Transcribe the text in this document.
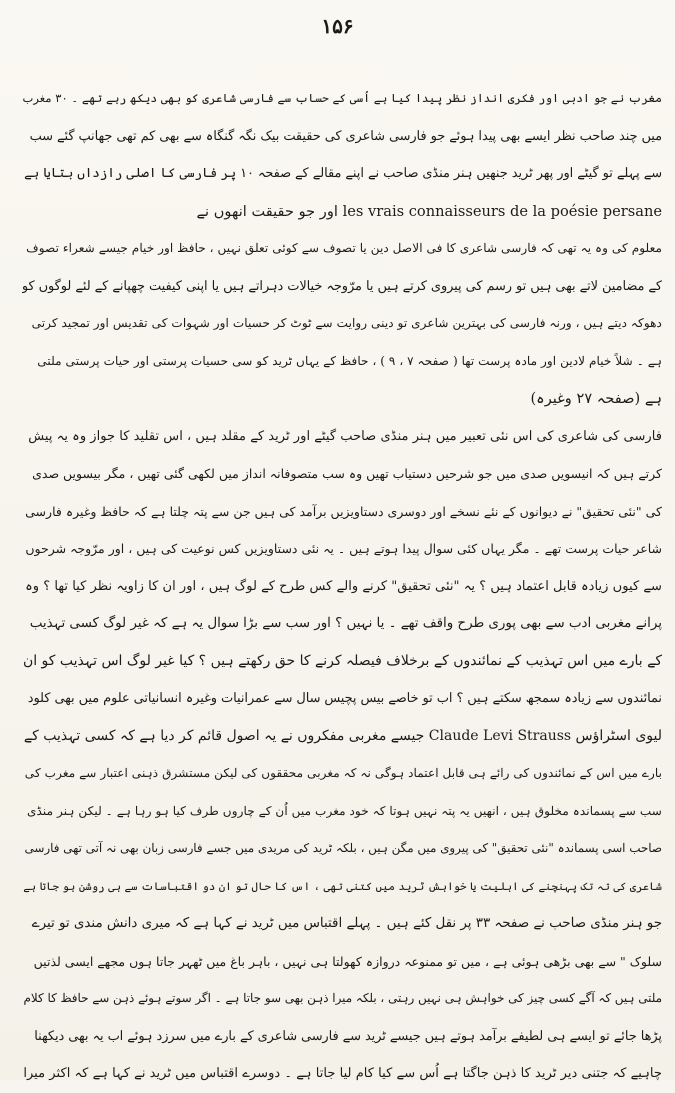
۱۵۶
مغرب نے جو ادبی اور فکری انداز نظر پیدا کیا ہے اُسی کے حساب سے فارسی شاعری کو بھی دیکھ رہے تھے ۔ ۳۰ مغرب
میں چند صاحب نظر ایسے بھی پیدا ہوئے جو فارسی شاعری کی حقیقت بیک نگہ گنگاہ سے بھی کم تھی جھانپ گئے سب
سے پہلے تو گیٹے اور پھر ٹرید جنھیں ہنر منڈی صاحب نے اپنے مقالے کے صفحہ ۱۰ پر فارسی کا اصلی رازداں بتایا ہے
les vrais connaisseurs de la poésie persane اور جو حقیقت انھوں نے
معلوم کی وہ یہ تھی کہ فارسی شاعری کا فی الاصل دین یا تصوف سے کوئی تعلق نہیں ، حافظ اور خیام جیسے شعراء تصوف
کے مضامین لاتے بھی ہیں تو رسم کی پیروی کرتے ہیں یا مرّوجہ خیالات دہراتے ہیں یا اپنی کیفیت چھپانے کے لئے لوگوں کو
دھوکہ دیتے ہیں ، ورنہ فارسی کی بہترین شاعری تو دینی روایت سے ٹوٹ کر حسیات اور شہوات کی تقدیس اور تمجید کرتی
ہے ۔ شلاً خیام لادین اور مادہ پرست تھا ( صفحہ ۷ ، ۹ ) ، حافظ کے یہاں ٹرید کو سی حسیات پرستی اور حیات پرستی ملتی
ہے (صفحہ ۲۷ وغیرہ)
فارسی کی شاعری کی اس نئی تعبیر میں ہنر منڈی صاحب گیٹے اور ٹرید کے مقلد ہیں ، اس تقلید کا جواز وہ یہ پیش
کرتے ہیں کہ انیسویں صدی میں جو شرحیں دستیاب تھیں وہ سب متصوفانہ انداز میں لکھی گئی تھیں ، مگر بیسویں صدی
کی "نئی تحقیق" نے دیوانوں کے نئے نسخے اور دوسری دستاویزیں برآمد کی ہیں جن سے پتہ چلتا ہے کہ حافظ وغیرہ فارسی
شاعر حیات پرست تھے ۔ مگر یہاں کئی سوال پیدا ہوتے ہیں ۔ یہ نئی دستاویزیں کس نوعیت کی ہیں ، اور مرّوجہ شرحوں
سے کیوں زیادہ قابل اعتماد ہیں ؟ یہ "نئی تحقیق" کرنے والے کس طرح کے لوگ ہیں ، اور ان کا زاویہ نظر کیا تھا ؟ وہ
پرانے مغربی ادب سے بھی پوری طرح واقف تھے ۔ یا نہیں ؟ اور سب سے بڑا سوال یہ ہے کہ غیر لوگ کسی تہذیب
کے بارے میں اس تہذیب کے نمائندوں کے برخلاف فیصلہ کرنے کا حق رکھتے ہیں ؟ کیا غیر لوگ اس تہذیب کو ان
نمائندوں سے زیادہ سمجھ سکتے ہیں ؟ اب تو خاصے بیس پچیس سال سے عمرانیات وغیرہ انسانیاتی علوم میں بھی کلود
لیوی اسٹراؤس Claude Levi Strauss جیسے مغربی مفکروں نے یہ اصول قائم کر دیا ہے کہ کسی تہذیب کے
بارے میں اس کے نمائندوں کی رائے ہی قابل اعتماد ہوگی نہ کہ مغربی محققوں کی لیکن مستشرق ذہنی اعتبار سے مغرب کی
سب سے پسماندہ مخلوق ہیں ، انھیں یہ پتہ نہیں ہوتا کہ خود مغرب میں اُن کے چاروں طرف کیا ہو رہا ہے ۔ لیکن ہنر منڈی
صاحب اسی پسماندہ "نئی تحقیق" کی پیروی میں مگن ہیں ، بلکہ ٹرید کی مریدی میں جسے فارسی زبان بھی نہ آتی تھی فارسی
شاعری کی تہ تک پہنچنے کی اہلیت یا خواہش ٹرید میں کتنی تھی ، اس کا حال تو ان دو اقتباسات سے ہی روشن ہو جاتا ہے
جو ہنر منڈی صاحب نے صفحہ ۳۳ پر نقل کئے ہیں ۔ پہلے اقتباس میں ٹرید نے کہا ہے کہ میری دانش مندی تو تیرے
سلوک " سے بھی بڑھی ہوئی ہے ، میں تو ممنوعہ دروازہ کھولتا ہی نہیں ، باہر باغ میں ٹھہر جاتا ہوں مجھے ایسی لذتیں
ملتی ہیں کہ آگے کسی چیز کی خواہش ہی نہیں رہتی ، بلکہ میرا ذہن بھی سو جاتا ہے ۔ اگر سوتے ہوئے ذہن سے حافظ کا کلام
پڑھا جائے تو ایسے ہی لطیفے برآمد ہوتے ہیں جیسے ٹرید سے فارسی شاعری کے بارے میں سرزد ہوئے اب یہ بھی دیکھنا
چاہیے کہ جتنی دیر ٹرید کا ذہن جاگتا ہے اُس سے کیا کام لیا جاتا ہے ۔ دوسرے اقتباس میں ٹرید نے کہا ہے کہ اکثر میرا
